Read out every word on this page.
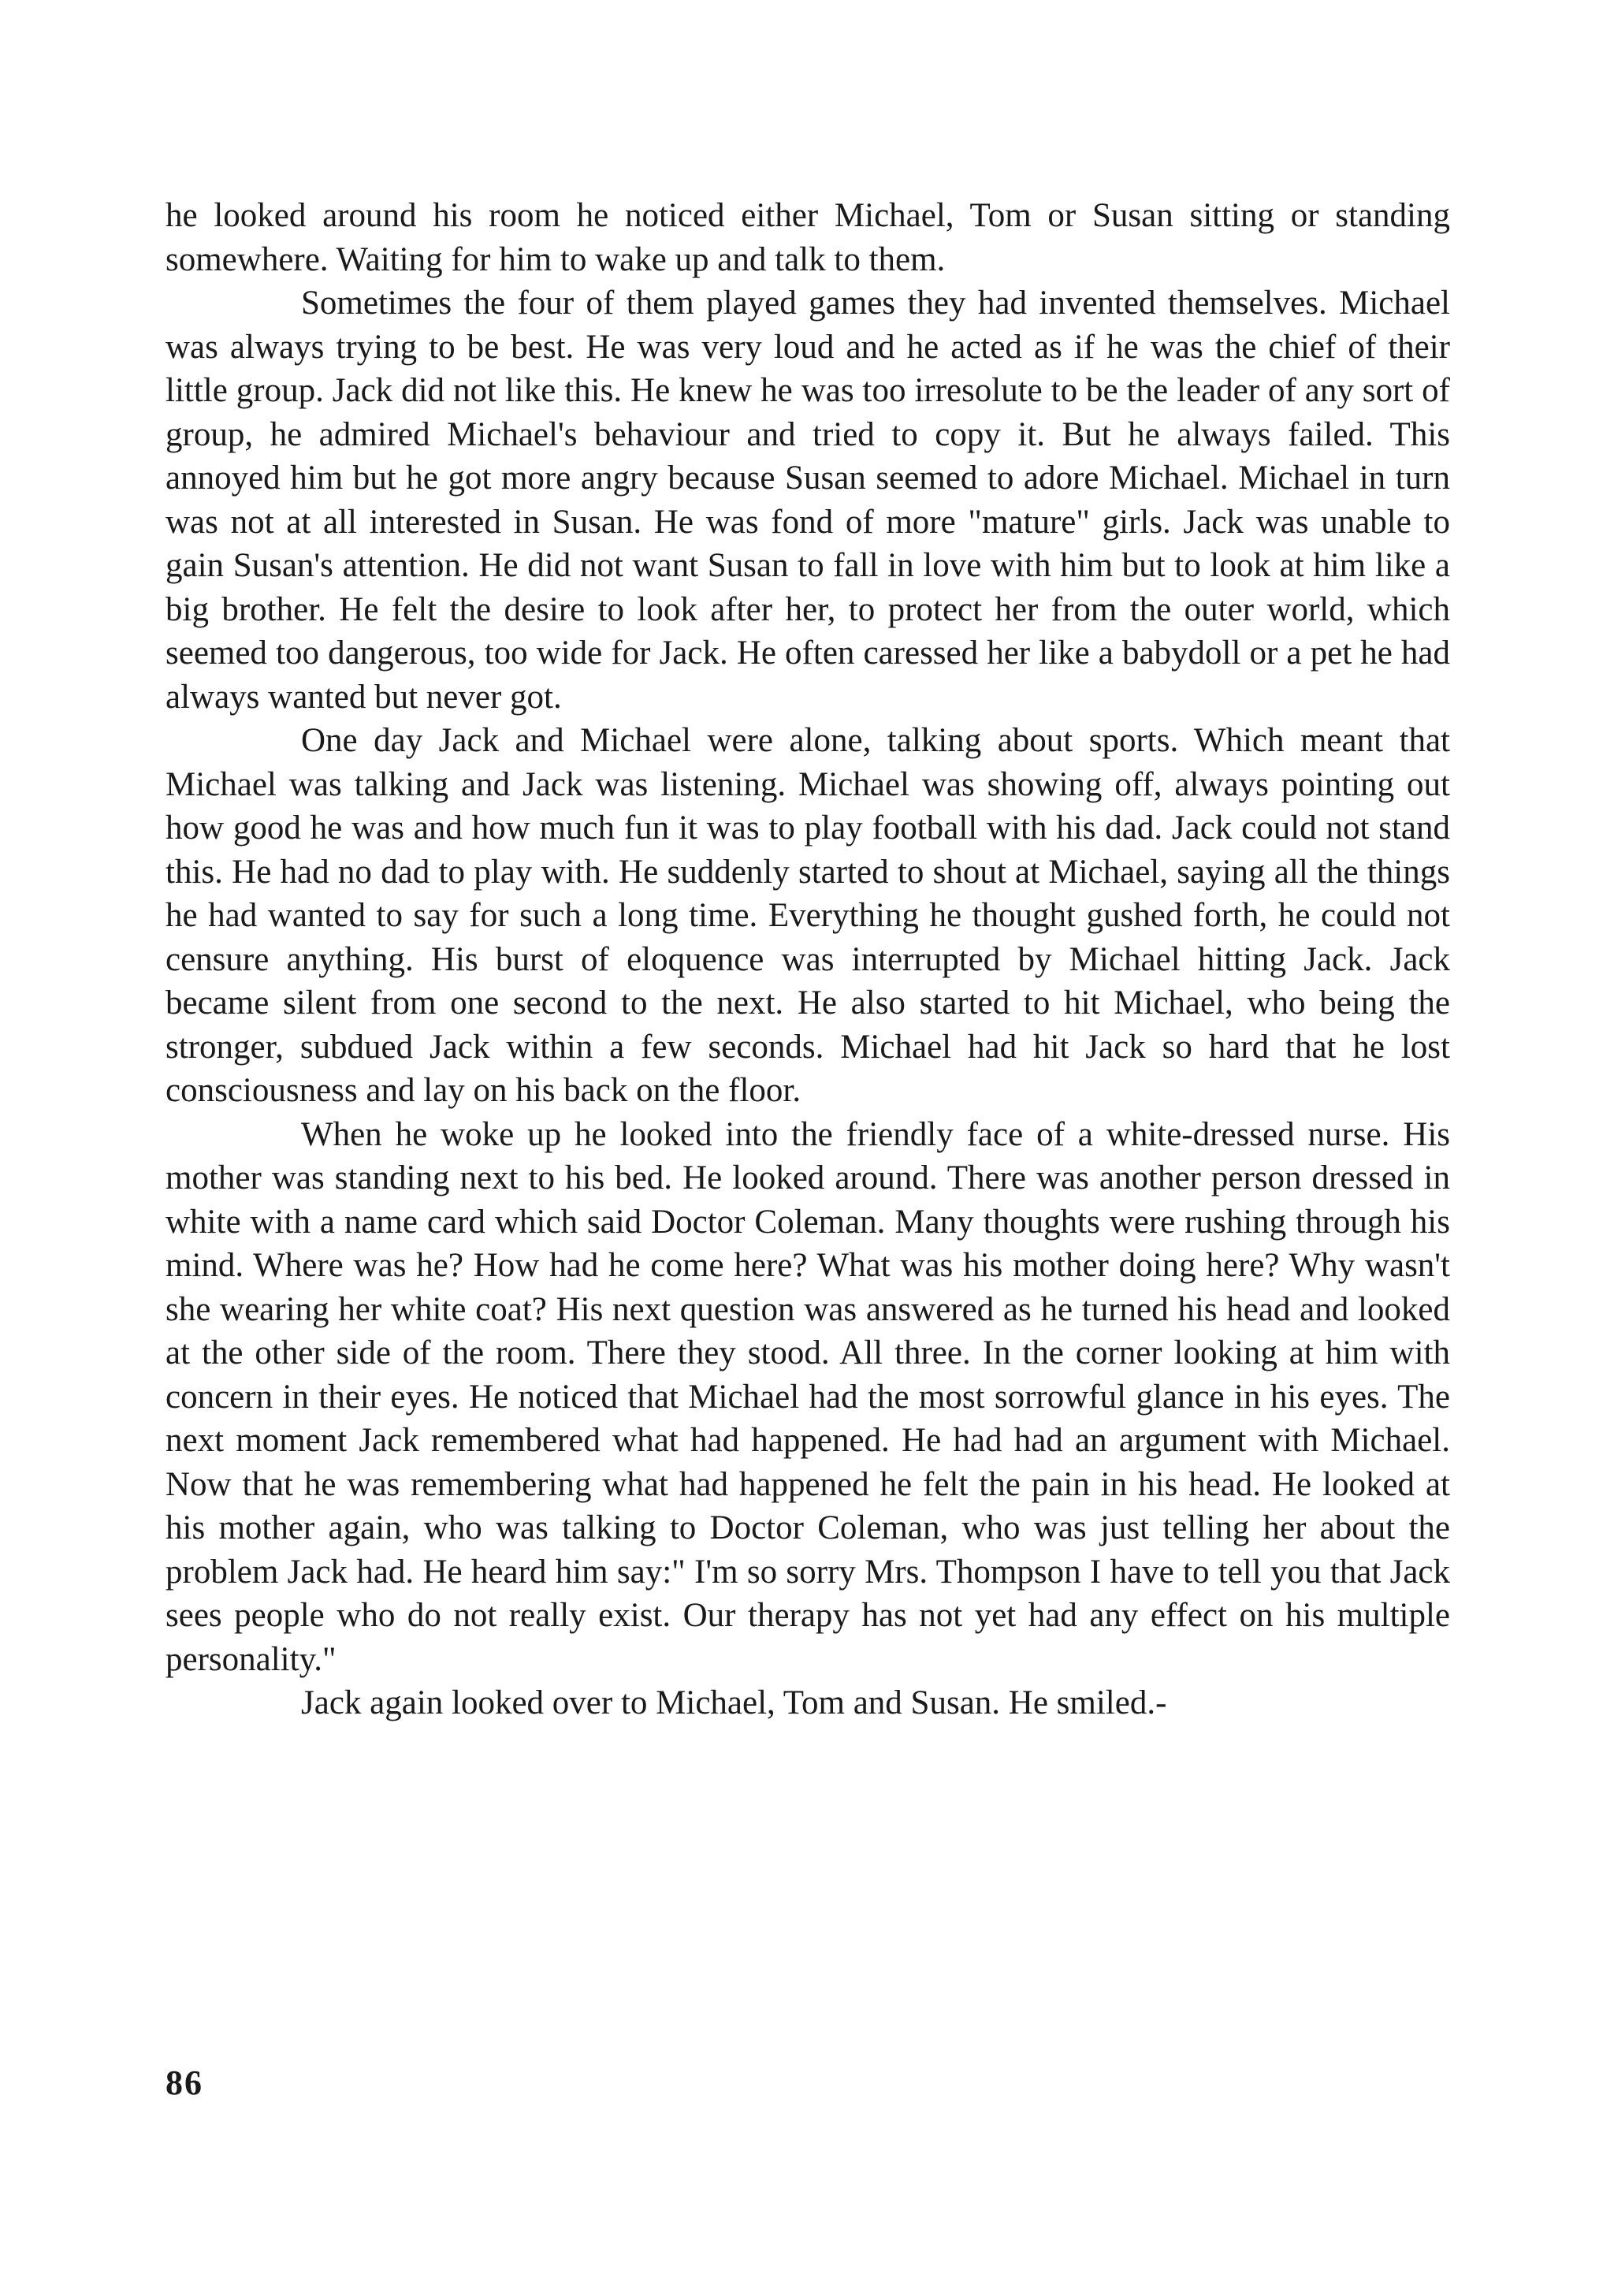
he looked around his room he noticed either Michael, Tom or Susan sitting or standing somewhere. Waiting for him to wake up and talk to them.

Sometimes the four of them played games they had invented themselves. Michael was always trying to be best. He was very loud and he acted as if he was the chief of their little group. Jack did not like this. He knew he was too irresolute to be the leader of any sort of group, he admired Michael's behaviour and tried to copy it. But he always failed. This annoyed him but he got more angry because Susan seemed to adore Michael. Michael in turn was not at all interested in Susan. He was fond of more "mature" girls. Jack was unable to gain Susan's attention. He did not want Susan to fall in love with him but to look at him like a big brother. He felt the desire to look after her, to protect her from the outer world, which seemed too dangerous, too wide for Jack. He often caressed her like a babydoll or a pet he had always wanted but never got.

One day Jack and Michael were alone, talking about sports. Which meant that Michael was talking and Jack was listening. Michael was showing off, always pointing out how good he was and how much fun it was to play football with his dad. Jack could not stand this. He had no dad to play with. He suddenly started to shout at Michael, saying all the things he had wanted to say for such a long time. Everything he thought gushed forth, he could not censure anything. His burst of eloquence was interrupted by Michael hitting Jack. Jack became silent from one second to the next. He also started to hit Michael, who being the stronger, subdued Jack within a few seconds. Michael had hit Jack so hard that he lost consciousness and lay on his back on the floor.

When he woke up he looked into the friendly face of a white-dressed nurse. His mother was standing next to his bed. He looked around. There was another person dressed in white with a name card which said Doctor Coleman. Many thoughts were rushing through his mind. Where was he? How had he come here? What was his mother doing here? Why wasn't she wearing her white coat? His next question was answered as he turned his head and looked at the other side of the room. There they stood. All three. In the corner looking at him with concern in their eyes. He noticed that Michael had the most sorrowful glance in his eyes. The next moment Jack remembered what had happened. He had had an argument with Michael. Now that he was remembering what had happened he felt the pain in his head. He looked at his mother again, who was talking to Doctor Coleman, who was just telling her about the problem Jack had. He heard him say:" I'm so sorry Mrs. Thompson I have to tell you that Jack sees people who do not really exist. Our therapy has not yet had any effect on his multiple personality."

Jack again looked over to Michael, Tom and Susan. He smiled.-

86
